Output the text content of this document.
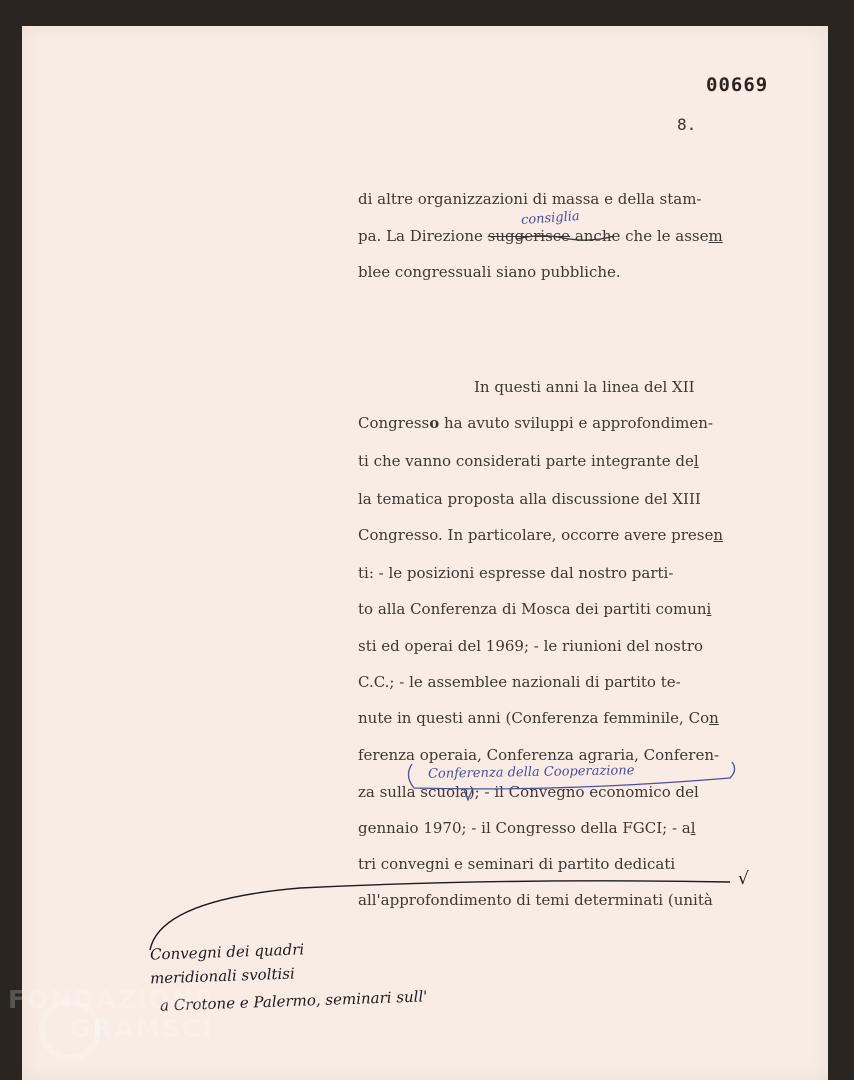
00669
8.
di altre organizzazioni di massa e della stam-
pa. La Direzione suggerisce anche che le assem
blee congressuali siano pubbliche.
In questi anni la linea del XII
Congresso ha avuto sviluppi e approfondimen-
ti che vanno considerati parte integrante del
la tematica proposta alla discussione del XIII
Congresso. In particolare, occorre avere presen
ti: - le posizioni espresse dal nostro parti-
to alla Conferenza di Mosca dei partiti comuni
sti ed operai del 1969; - le riunioni del nostro
C.C.; - le assemblee nazionali di partito te-
nute in questi anni (Conferenza femminile, Con
ferenza operaia, Conferenza agraria, Conferen-
za sulla scuola); - il Convegno economico del
gennaio 1970; - il Congresso della FGCI; - al
tri convegni e seminari di partito dedicati
all'approfondimento di temi determinati (unità
consiglia
Conferenza della Cooperazione
√
Convegni dei quadri
meridionali svoltisi
a Crotone e Palermo, seminari sull'
FONDAZIONE
GRAMSCI
